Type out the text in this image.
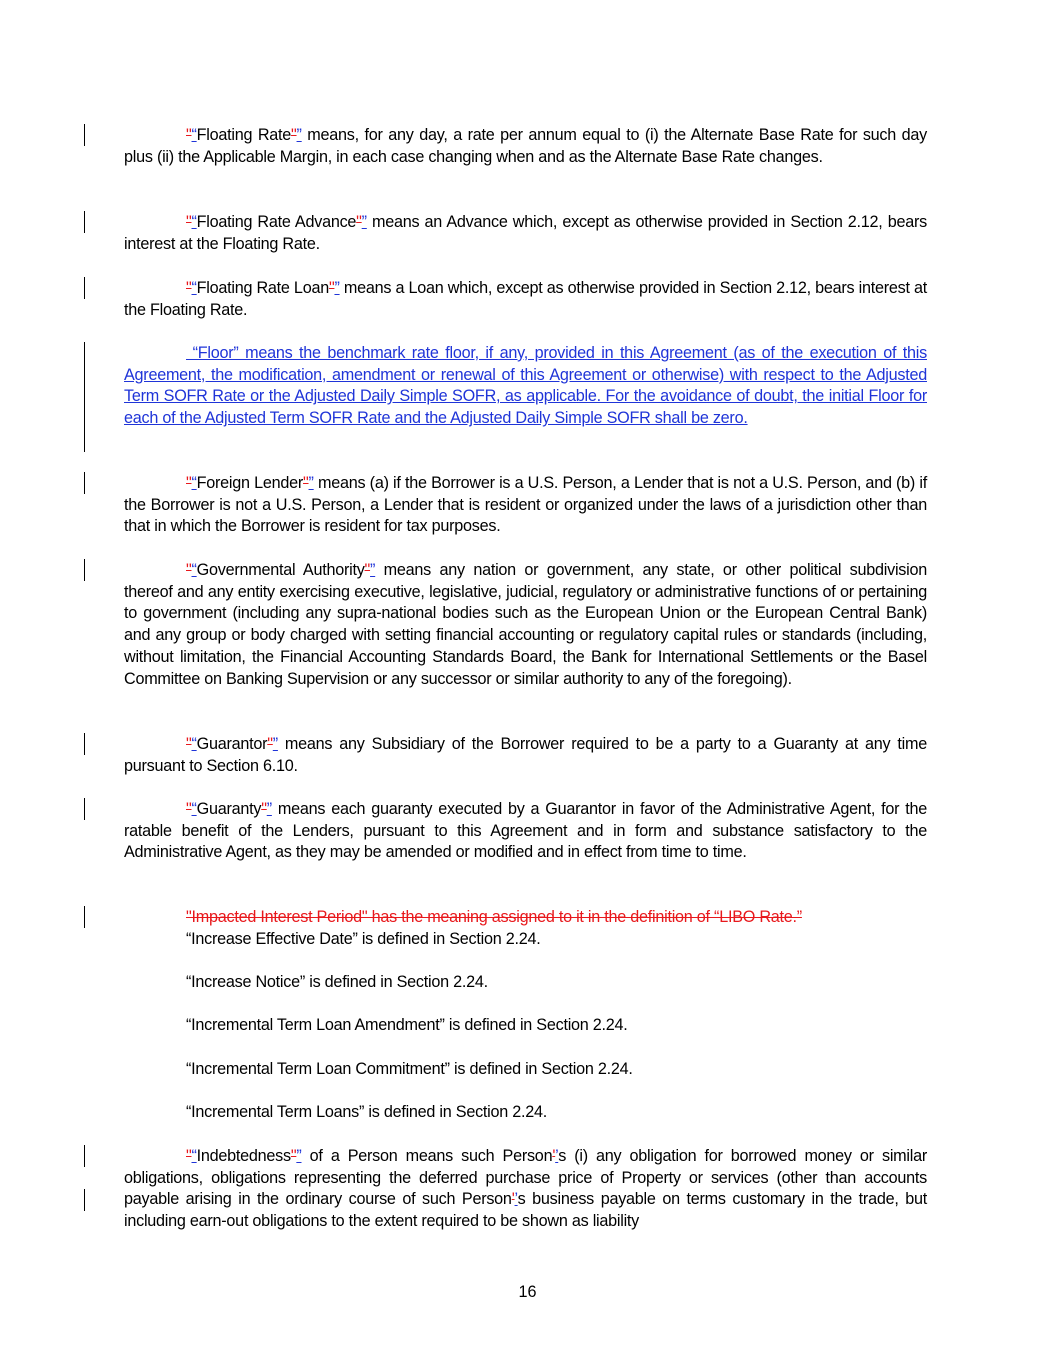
"“Floating Rate"” means, for any day, a rate per annum equal to (i) the Alternate Base Rate for such day plus (ii) the Applicable Margin, in each case changing when and as the Alternate Base Rate changes.
"“Floating Rate Advance"” means an Advance which, except as otherwise provided in Section 2.12, bears interest at the Floating Rate.
"“Floating Rate Loan"” means a Loan which, except as otherwise provided in Section 2.12, bears interest at the Floating Rate.
“Floor” means the benchmark rate floor, if any, provided in this Agreement (as of the execution of this Agreement, the modification, amendment or renewal of this Agreement or otherwise) with respect to the Adjusted Term SOFR Rate or the Adjusted Daily Simple SOFR, as applicable. For the avoidance of doubt, the initial Floor for each of the Adjusted Term SOFR Rate and the Adjusted Daily Simple SOFR shall be zero.
"“Foreign Lender"” means (a) if the Borrower is a U.S. Person, a Lender that is not a U.S. Person, and (b) if the Borrower is not a U.S. Person, a Lender that is resident or organized under the laws of a jurisdiction other than that in which the Borrower is resident for tax purposes.
"“Governmental Authority"” means any nation or government, any state, or other political subdivision thereof and any entity exercising executive, legislative, judicial, regulatory or administrative functions of or pertaining to government (including any supra-national bodies such as the European Union or the European Central Bank) and any group or body charged with setting financial accounting or regulatory capital rules or standards (including, without limitation, the Financial Accounting Standards Board, the Bank for International Settlements or the Basel Committee on Banking Supervision or any successor or similar authority to any of the foregoing).
"“Guarantor"” means any Subsidiary of the Borrower required to be a party to a Guaranty at any time pursuant to Section 6.10.
"“Guaranty"” means each guaranty executed by a Guarantor in favor of the Administrative Agent, for the ratable benefit of the Lenders, pursuant to this Agreement and in form and substance satisfactory to the Administrative Agent, as they may be amended or modified and in effect from time to time.
"Impacted Interest Period" has the meaning assigned to it in the definition of “LIBO Rate.”
“Increase Effective Date” is defined in Section 2.24.
“Increase Notice” is defined in Section 2.24.
“Incremental Term Loan Amendment” is defined in Section 2.24.
“Incremental Term Loan Commitment” is defined in Section 2.24.
“Incremental Term Loans” is defined in Section 2.24.
"“Indebtedness"” of a Person means such Person'’s (i) any obligation for borrowed money or similar obligations, obligations representing the deferred purchase price of Property or services (other than accounts payable arising in the ordinary course of such Person'’s business payable on terms customary in the trade, but including earn-out obligations to the extent required to be shown as liability
16
